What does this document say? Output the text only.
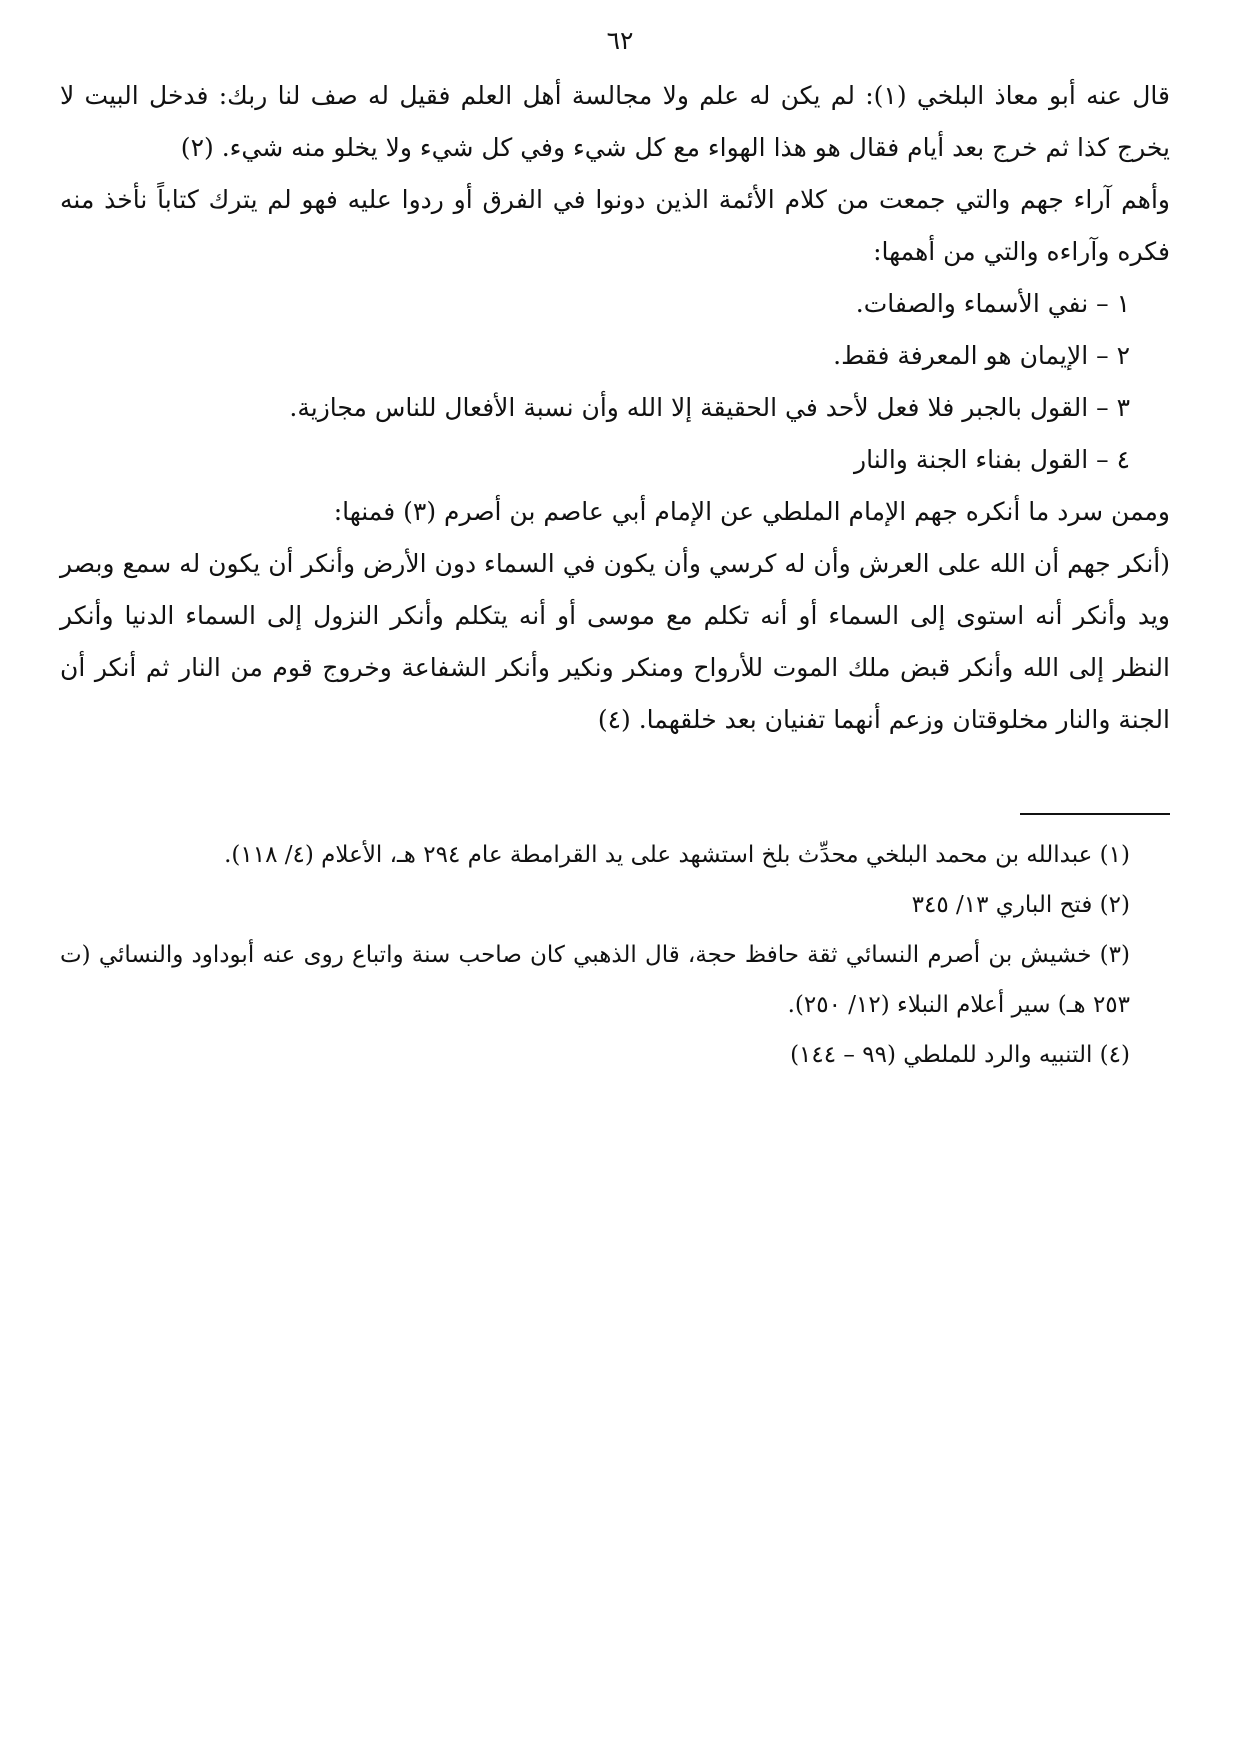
٦٢

قال عنه أبو معاذ البلخي (١): لم يكن له علم ولا مجالسة أهل العلم فقيل له صف لنا ربك: فدخل البيت لا يخرج كذا ثم خرج بعد أيام فقال هو هذا الهواء مع كل شيء وفي كل شيء ولا يخلو منه شيء. (٢)

وأهم آراء جهم والتي جمعت من كلام الأئمة الذين دونوا في الفرق أو ردوا عليه فهو لم يترك كتاباً نأخذ منه فكره وآراءه والتي من أهمها:

١ – نفي الأسماء والصفات.

٢ – الإيمان هو المعرفة فقط.

٣ – القول بالجبر فلا فعل لأحد في الحقيقة إلا الله وأن نسبة الأفعال للناس مجازية.

٤ – القول بفناء الجنة والنار

وممن سرد ما أنكره جهم الإمام الملطي عن الإمام أبي عاصم بن أصرم (٣) فمنها:

(أنكر جهم أن الله على العرش وأن له كرسي وأن يكون في السماء دون الأرض وأنكر أن يكون له سمع وبصر ويد وأنكر أنه استوى إلى السماء أو أنه تكلم مع موسى أو أنه يتكلم وأنكر النزول إلى السماء الدنيا وأنكر النظر إلى الله وأنكر قبض ملك الموت للأرواح ومنكر ونكير وأنكر الشفاعة وخروج قوم من النار ثم أنكر أن الجنة والنار مخلوقتان وزعم أنهما تفنيان بعد خلقهما. (٤)

(١) عبدالله بن محمد البلخي محدِّث بلخ استشهد على يد القرامطة عام ٢٩٤ هـ، الأعلام (٤/ ١١٨).

(٢) فتح الباري ١٣/ ٣٤٥

(٣) خشيش بن أصرم النسائي ثقة حافظ حجة، قال الذهبي كان صاحب سنة واتباع روى عنه أبوداود والنسائي (ت ٢٥٣ هـ) سير أعلام النبلاء (١٢/ ٢٥٠).

(٤) التنبيه والرد للملطي (٩٩ – ١٤٤)
